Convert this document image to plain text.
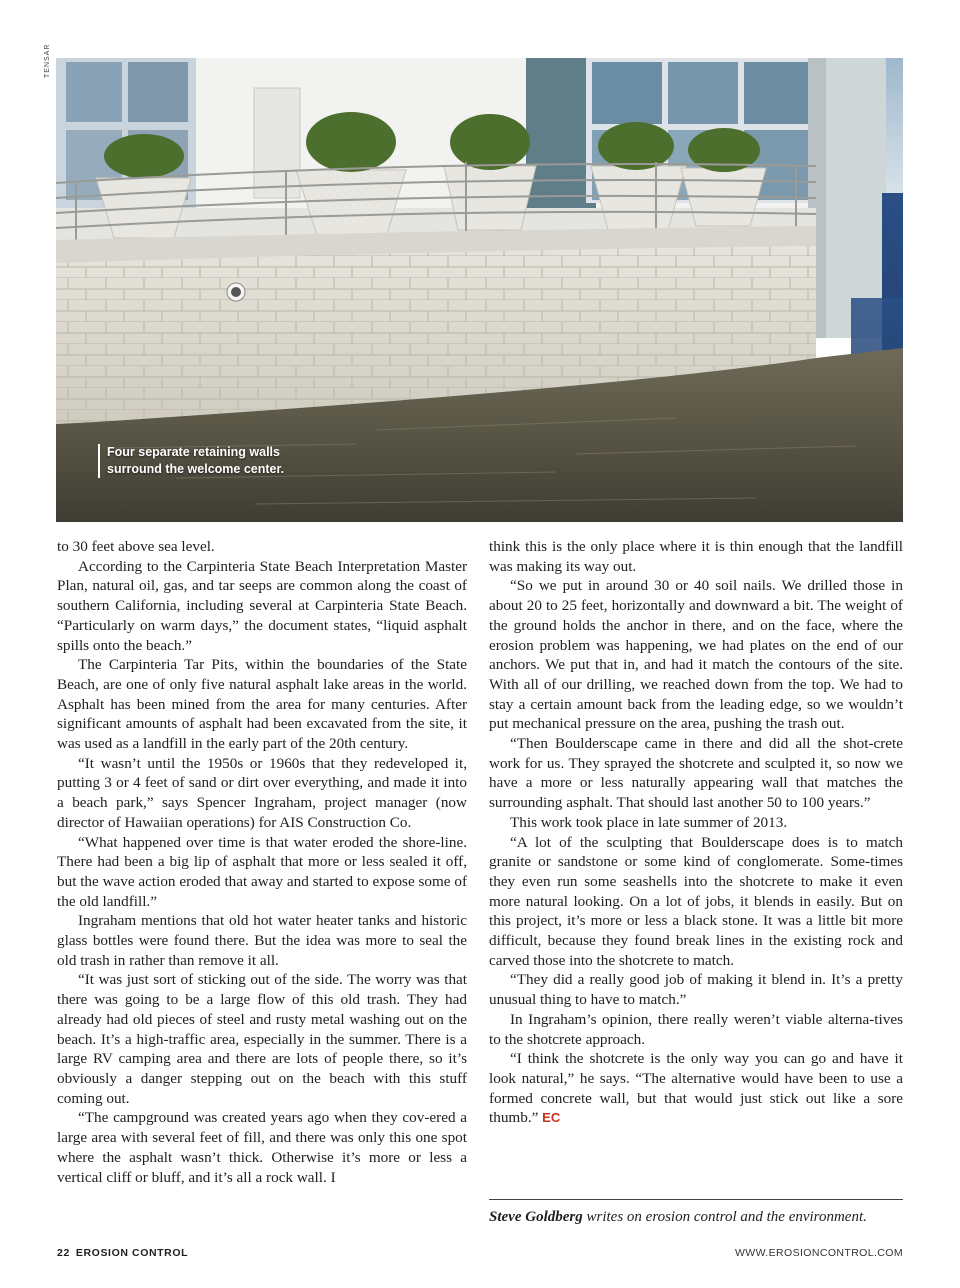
TENSAR
Four separate retaining walls
surround the welcome center.

to 30 feet above sea level.

According to the Carpinteria State Beach Interpretation Master Plan, natural oil, gas, and tar seeps are common along the coast of southern California, including several at Carpinteria State Beach. “Particularly on warm days,” the document states, “liquid asphalt spills onto the beach.”

The Carpinteria Tar Pits, within the boundaries of the State Beach, are one of only five natural asphalt lake areas in the world. Asphalt has been mined from the area for many centuries. After significant amounts of asphalt had been excavated from the site, it was used as a landfill in the early part of the 20th century.

“It wasn’t until the 1950s or 1960s that they redeveloped it, putting 3 or 4 feet of sand or dirt over everything, and made it into a beach park,” says Spencer Ingraham, project manager (now director of Hawaiian operations) for AIS Construction Co.

“What happened over time is that water eroded the shore-line. There had been a big lip of asphalt that more or less sealed it off, but the wave action eroded that away and started to expose some of the old landfill.”

Ingraham mentions that old hot water heater tanks and historic glass bottles were found there. But the idea was more to seal the old trash in rather than remove it all.

“It was just sort of sticking out of the side. The worry was that there was going to be a large flow of this old trash. They had already had old pieces of steel and rusty metal washing out on the beach. It’s a high-traffic area, especially in the summer. There is a large RV camping area and there are lots of people there, so it’s obviously a danger stepping out on the beach with this stuff coming out.

“The campground was created years ago when they cov-ered a large area with several feet of fill, and there was only this one spot where the asphalt wasn’t thick. Otherwise it’s more or less a vertical cliff or bluff, and it’s all a rock wall. I

think this is the only place where it is thin enough that the landfill was making its way out.

“So we put in around 30 or 40 soil nails. We drilled those in about 20 to 25 feet, horizontally and downward a bit. The weight of the ground holds the anchor in there, and on the face, where the erosion problem was happening, we had plates on the end of our anchors. We put that in, and had it match the contours of the site. With all of our drilling, we reached down from the top. We had to stay a certain amount back from the leading edge, so we wouldn’t put mechanical pressure on the area, pushing the trash out.

“Then Boulderscape came in there and did all the shot-crete work for us. They sprayed the shotcrete and sculpted it, so now we have a more or less naturally appearing wall that matches the surrounding asphalt. That should last another 50 to 100 years.”

This work took place in late summer of 2013.

“A lot of the sculpting that Boulderscape does is to match granite or sandstone or some kind of conglomerate. Some-times they even run some seashells into the shotcrete to make it even more natural looking. On a lot of jobs, it blends in easily. But on this project, it’s more or less a black stone. It was a little bit more difficult, because they found break lines in the existing rock and carved those into the shotcrete to match.

“They did a really good job of making it blend in. It’s a pretty unusual thing to have to match.”

In Ingraham’s opinion, there really weren’t viable alterna-tives to the shotcrete approach.

“I think the shotcrete is the only way you can go and have it look natural,” he says. “The alternative would have been to use a formed concrete wall, but that would just stick out like a sore thumb.” EC

Steve Goldberg writes on erosion control and the environment.
22 EROSION CONTROL	WWW.EROSIONCONTROL.COM
